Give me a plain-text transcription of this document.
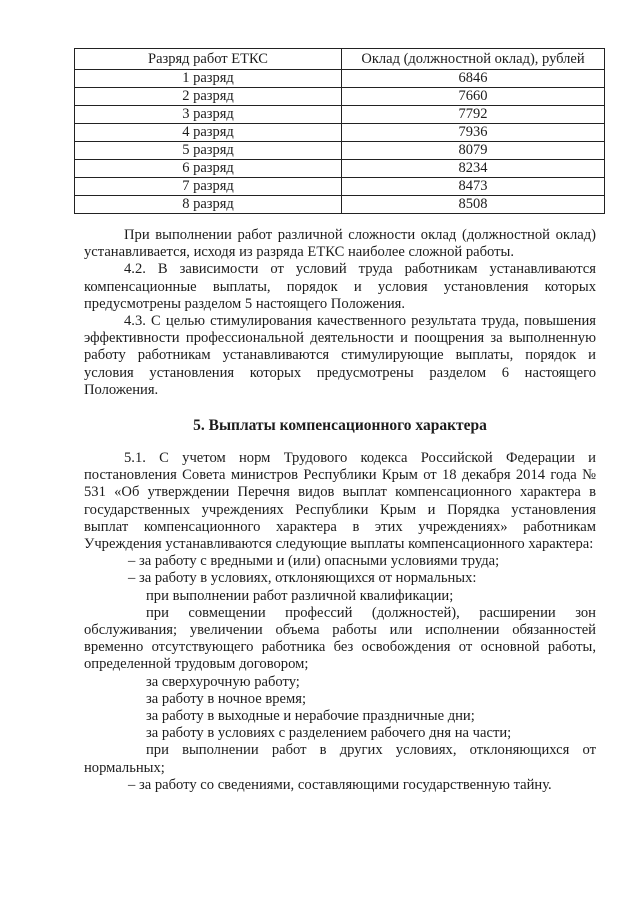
Разряд работ ЕТКС	Оклад (должностной оклад), рублей
1 разряд	6846
2 разряд	7660
3 разряд	7792
4 разряд	7936
5 разряд	8079
6 разряд	8234
7 разряд	8473
8 разряд	8508

При выполнении работ различной сложности оклад (должностной оклад) устанавливается, исходя из разряда ЕТКС наиболее сложной работы.

4.2. В зависимости от условий труда работникам устанавливаются компенсационные выплаты, порядок и условия установления которых предусмотрены разделом 5 настоящего Положения.

4.3. С целью стимулирования качественного результата труда, повышения эффективности профессиональной деятельности и поощрения за выполненную работу работникам устанавливаются стимулирующие выплаты, порядок и условия установления которых предусмотрены разделом 6 настоящего Положения.

5. Выплаты компенсационного характера

5.1. С учетом норм Трудового кодекса Российской Федерации и постановления Совета министров Республики Крым от 18 декабря 2014 года № 531 «Об утверждении Перечня видов выплат компенсационного характера в государственных учреждениях Республики Крым и Порядка установления выплат компенсационного характера в этих учреждениях» работникам Учреждения устанавливаются следующие выплаты компенсационного характера:

– за работу с вредными и (или) опасными условиями труда;

– за работу в условиях, отклоняющихся от нормальных:

при выполнении работ различной квалификации;

при совмещении профессий (должностей), расширении зон обслуживания; увеличении объема работы или исполнении обязанностей временно отсутствующего работника без освобождения от основной работы, определенной трудовым договором;

за сверхурочную работу;

за работу в ночное время;

за работу в выходные и нерабочие праздничные дни;

за работу в условиях с разделением рабочего дня на части;

при выполнении работ в других условиях, отклоняющихся от нормальных;

– за работу со сведениями, составляющими государственную тайну.
